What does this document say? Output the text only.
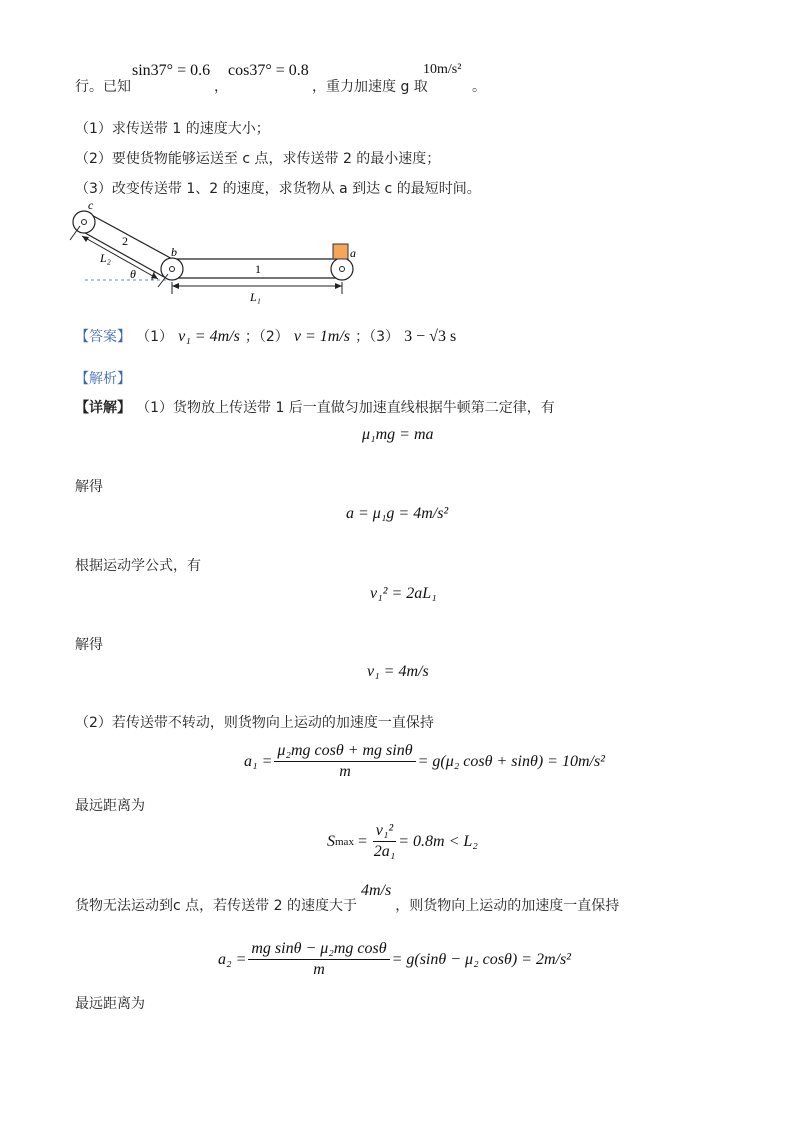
行。已知
sin37° = 0.6
，
cos37° = 0.8
，重力加速度 g 取
10m/s²
。
（1）求传送带 1 的速度大小；
（2）要使货物能够运送至 c 点，求传送带 2 的最小速度；
（3）改变传送带 1、2 的速度，求货物从 a 到达 c 的最短时间。
c
2
L₂
θ
b
1
a
L₁
【答案】 （1） v₁ = 4m/s ；（2） v = 1m/s ；（3） 3 − √3 s
【解析】
【详解】 （1）货物放上传送带 1 后一直做匀加速直线根据牛顿第二定律，有
μ₁mg = ma
解得
a = μ₁g = 4m/s²
根据运动学公式，有
v₁² = 2aL₁
解得
v₁ = 4m/s
（2）若传送带不转动，则货物向上运动的加速度一直保持
$a_1 = \frac{\text{μ₂mg cosθ + mg sinθ}}{m} = g(\mu_2$ cosθ + sinθ) = 10m/s²
最远距离为
S $\max = \frac{\text{v₁²}}{\text{2a₁}} = 0.8m < L_2$
货物无法运动到c 点，若传送带 2 的速度大于
4m/s
，则货物向上运动的加速度一直保持
$a_2 = \frac{\text{mg sinθ − μ₂mg cosθ}}{m} = g(\sin\theta - \mu_2$ cosθ) = 2m/s²
最远距离为
